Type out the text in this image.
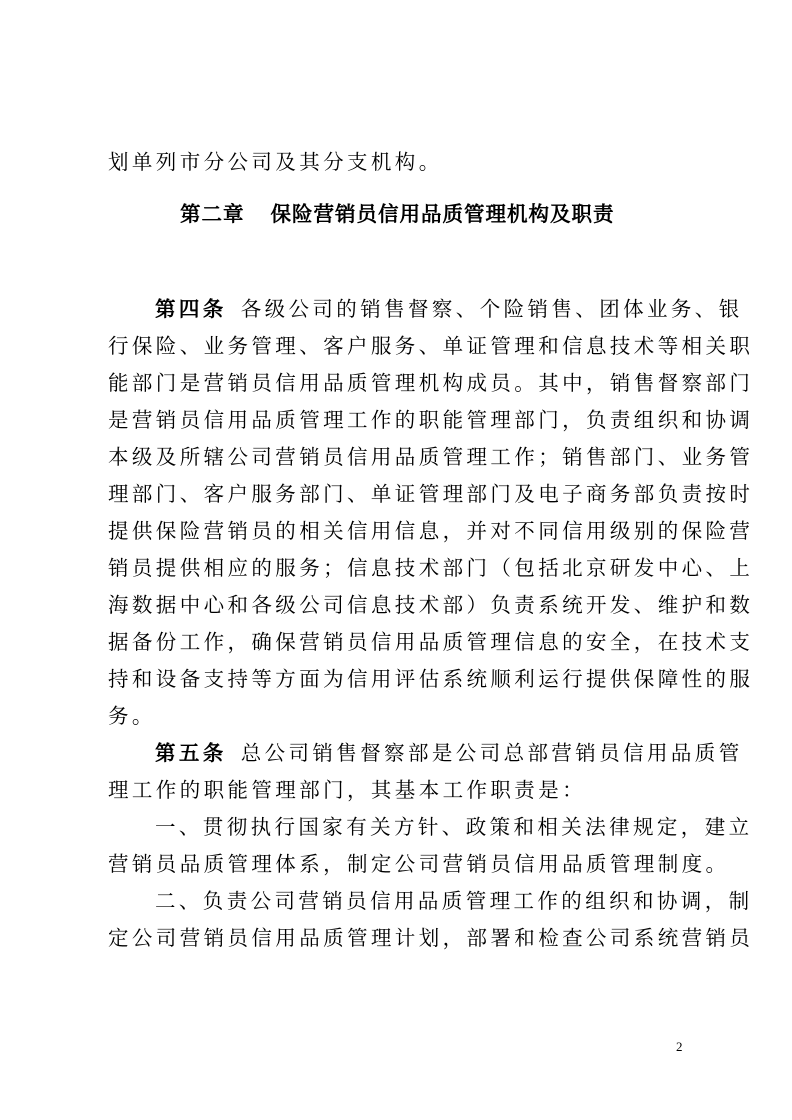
划单列市分公司及其分支机构。
第二章 保险营销员信用品质管理机构及职责
第四条 各级公司的销售督察、个险销售、团体业务、银
行保险、业务管理、客户服务、单证管理和信息技术等相关职
能部门是营销员信用品质管理机构成员。其中，销售督察部门
是营销员信用品质管理工作的职能管理部门，负责组织和协调
本级及所辖公司营销员信用品质管理工作；销售部门、业务管
理部门、客户服务部门、单证管理部门及电子商务部负责按时
提供保险营销员的相关信用信息，并对不同信用级别的保险营
销员提供相应的服务；信息技术部门（包括北京研发中心、上
海数据中心和各级公司信息技术部）负责系统开发、维护和数
据备份工作，确保营销员信用品质管理信息的安全，在技术支
持和设备支持等方面为信用评估系统顺利运行提供保障性的服
务。
第五条 总公司销售督察部是公司总部营销员信用品质管
理工作的职能管理部门，其基本工作职责是：
一、贯彻执行国家有关方针、政策和相关法律规定，建立
营销员品质管理体系，制定公司营销员信用品质管理制度。
二、负责公司营销员信用品质管理工作的组织和协调，制
定公司营销员信用品质管理计划，部署和检查公司系统营销员
2
